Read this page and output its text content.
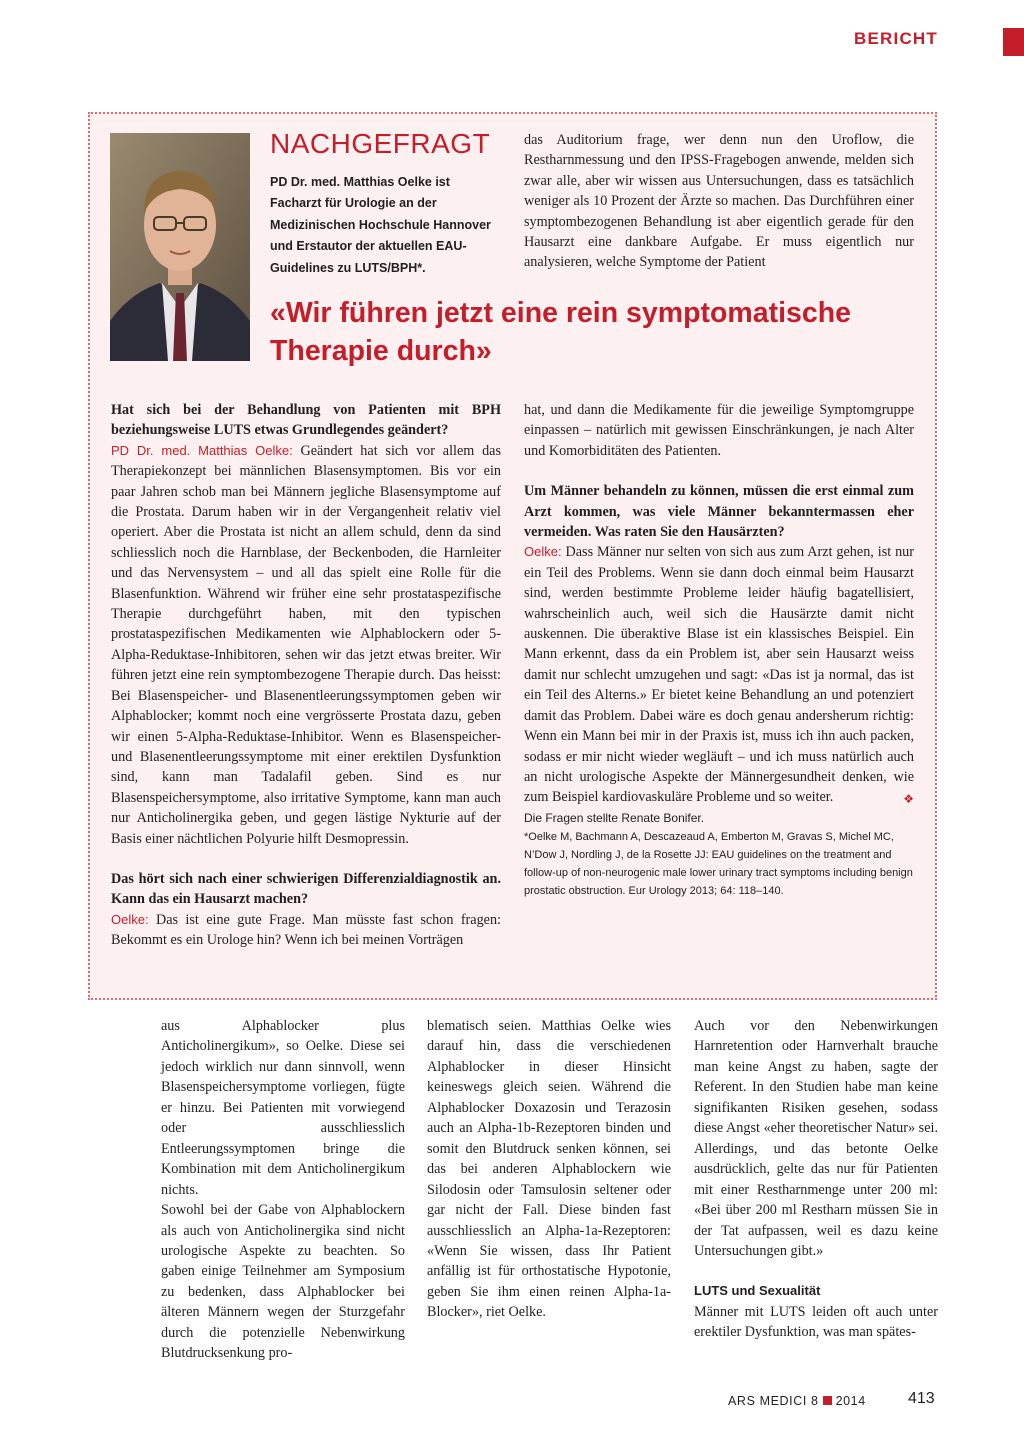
BERICHT
NACHGEFRAGT

PD Dr. med. Matthias Oelke ist Facharzt für Urologie an der Medizinischen Hochschule Hannover und Erstautor der aktuellen EAU-Guidelines zu LUTS/BPH*.

«Wir führen jetzt eine rein symptomatische Therapie durch»

das Auditorium frage, wer denn nun den Uroflow, die Restharnmessung und den IPSS-Fragebogen anwende, melden sich zwar alle, aber wir wissen aus Untersuchungen, dass es tatsächlich weniger als 10 Prozent der Ärzte so machen. Das Durchführen einer symptombezogenen Behandlung ist aber eigentlich gerade für den Hausarzt eine dankbare Aufgabe. Er muss eigentlich nur analysieren, welche Symptome der Patient

Hat sich bei der Behandlung von Patienten mit BPH beziehungsweise LUTS etwas Grundlegendes geändert?

PD Dr. med. Matthias Oelke: Geändert hat sich vor allem das Therapiekonzept bei männlichen Blasensymptomen. Bis vor ein paar Jahren schob man bei Männern jegliche Blasensymptome auf die Prostata. Darum haben wir in der Vergangenheit relativ viel operiert. Aber die Prostata ist nicht an allem schuld, denn da sind schliesslich noch die Harnblase, der Beckenboden, die Harnleiter und das Nervensystem – und all das spielt eine Rolle für die Blasenfunktion. Während wir früher eine sehr prostataspezifische Therapie durchgeführt haben, mit den typischen prostataspezifischen Medikamenten wie Alphablockern oder 5-Alpha-Reduktase-Inhibitoren, sehen wir das jetzt etwas breiter. Wir führen jetzt eine rein symptombezogene Therapie durch. Das heisst: Bei Blasenspeicher- und Blasenentleerungssymptomen geben wir Alphablocker; kommt noch eine vergrösserte Prostata dazu, geben wir einen 5-Alpha-Reduktase-Inhibitor. Wenn es Blasenspeicher- und Blasenentleerungssymptome mit einer erektilen Dysfunktion sind, kann man Tadalafil geben. Sind es nur Blasenspeichersymptome, also irritative Symptome, kann man auch nur Anticholinergika geben, und gegen lästige Nykturie auf der Basis einer nächtlichen Polyurie hilft Desmopressin.

Das hört sich nach einer schwierigen Differenzialdiagnostik an. Kann das ein Hausarzt machen?

Oelke: Das ist eine gute Frage. Man müsste fast schon fragen: Bekommt es ein Urologe hin? Wenn ich bei meinen Vorträgen

hat, und dann die Medikamente für die jeweilige Symptomgruppe einpassen – natürlich mit gewissen Einschränkungen, je nach Alter und Komorbiditäten des Patienten.

Um Männer behandeln zu können, müssen die erst einmal zum Arzt kommen, was viele Männer bekanntermassen eher vermeiden. Was raten Sie den Hausärzten?

Oelke: Dass Männer nur selten von sich aus zum Arzt gehen, ist nur ein Teil des Problems. Wenn sie dann doch einmal beim Hausarzt sind, werden bestimmte Probleme leider häufig bagatellisiert, wahrscheinlich auch, weil sich die Hausärzte damit nicht auskennen. Die überaktive Blase ist ein klassisches Beispiel. Ein Mann erkennt, dass da ein Problem ist, aber sein Hausarzt weiss damit nur schlecht umzugehen und sagt: «Das ist ja normal, das ist ein Teil des Alterns.» Er bietet keine Behandlung an und potenziert damit das Problem. Dabei wäre es doch genau andersherum richtig: Wenn ein Mann bei mir in der Praxis ist, muss ich ihn auch packen, sodass er mir nicht wieder wegläuft – und ich muss natürlich auch an nicht urologische Aspekte der Männergesundheit denken, wie zum Beispiel kardiovaskuläre Probleme und so weiter.	❖

Die Fragen stellte Renate Bonifer.

*Oelke M, Bachmann A, Descazeaud A, Emberton M, Gravas S, Michel MC, N’Dow J, Nordling J, de la Rosette JJ: EAU guidelines on the treatment and follow-up of non-neurogenic male lower urinary tract symptoms including benign prostatic obstruction. Eur Urology 2013; 64: 118–140.

aus Alphablocker plus Anticholinergikum», so Oelke. Diese sei jedoch wirklich nur dann sinnvoll, wenn Blasenspeichersymptome vorliegen, fügte er hinzu. Bei Patienten mit vorwiegend oder ausschliesslich Entleerungssymptomen bringe die Kombination mit dem Anticholinergikum nichts.

Sowohl bei der Gabe von Alphablockern als auch von Anticholinergika sind nicht urologische Aspekte zu beachten. So gaben einige Teilnehmer am Symposium zu bedenken, dass Alphablocker bei älteren Männern wegen der Sturzgefahr durch die potenzielle Nebenwirkung Blutdrucksenkung pro-

blematisch seien. Matthias Oelke wies darauf hin, dass die verschiedenen Alphablocker in dieser Hinsicht keineswegs gleich seien. Während die Alphablocker Doxazosin und Terazosin auch an Alpha-1b-Rezeptoren binden und somit den Blutdruck senken können, sei das bei anderen Alphablockern wie Silodosin oder Tamsulosin seltener oder gar nicht der Fall. Diese binden fast ausschliesslich an Alpha-1a-Rezeptoren: «Wenn Sie wissen, dass Ihr Patient anfällig ist für orthostatische Hypotonie, geben Sie ihm einen reinen Alpha-1a-Blocker», riet Oelke.

Auch vor den Nebenwirkungen Harnretention oder Harnverhalt brauche man keine Angst zu haben, sagte der Referent. In den Studien habe man keine signifikanten Risiken gesehen, sodass diese Angst «eher theoretischer Natur» sei. Allerdings, und das betonte Oelke ausdrücklich, gelte das nur für Patienten mit einer Restharnmenge unter 200 ml: «Bei über 200 ml Restharn müssen Sie in der Tat aufpassen, weil es dazu keine Untersuchungen gibt.»

LUTS und Sexualität

Männer mit LUTS leiden oft auch unter erektiler Dysfunktion, was man spätes-

ARS MEDICI 8 2014	413
